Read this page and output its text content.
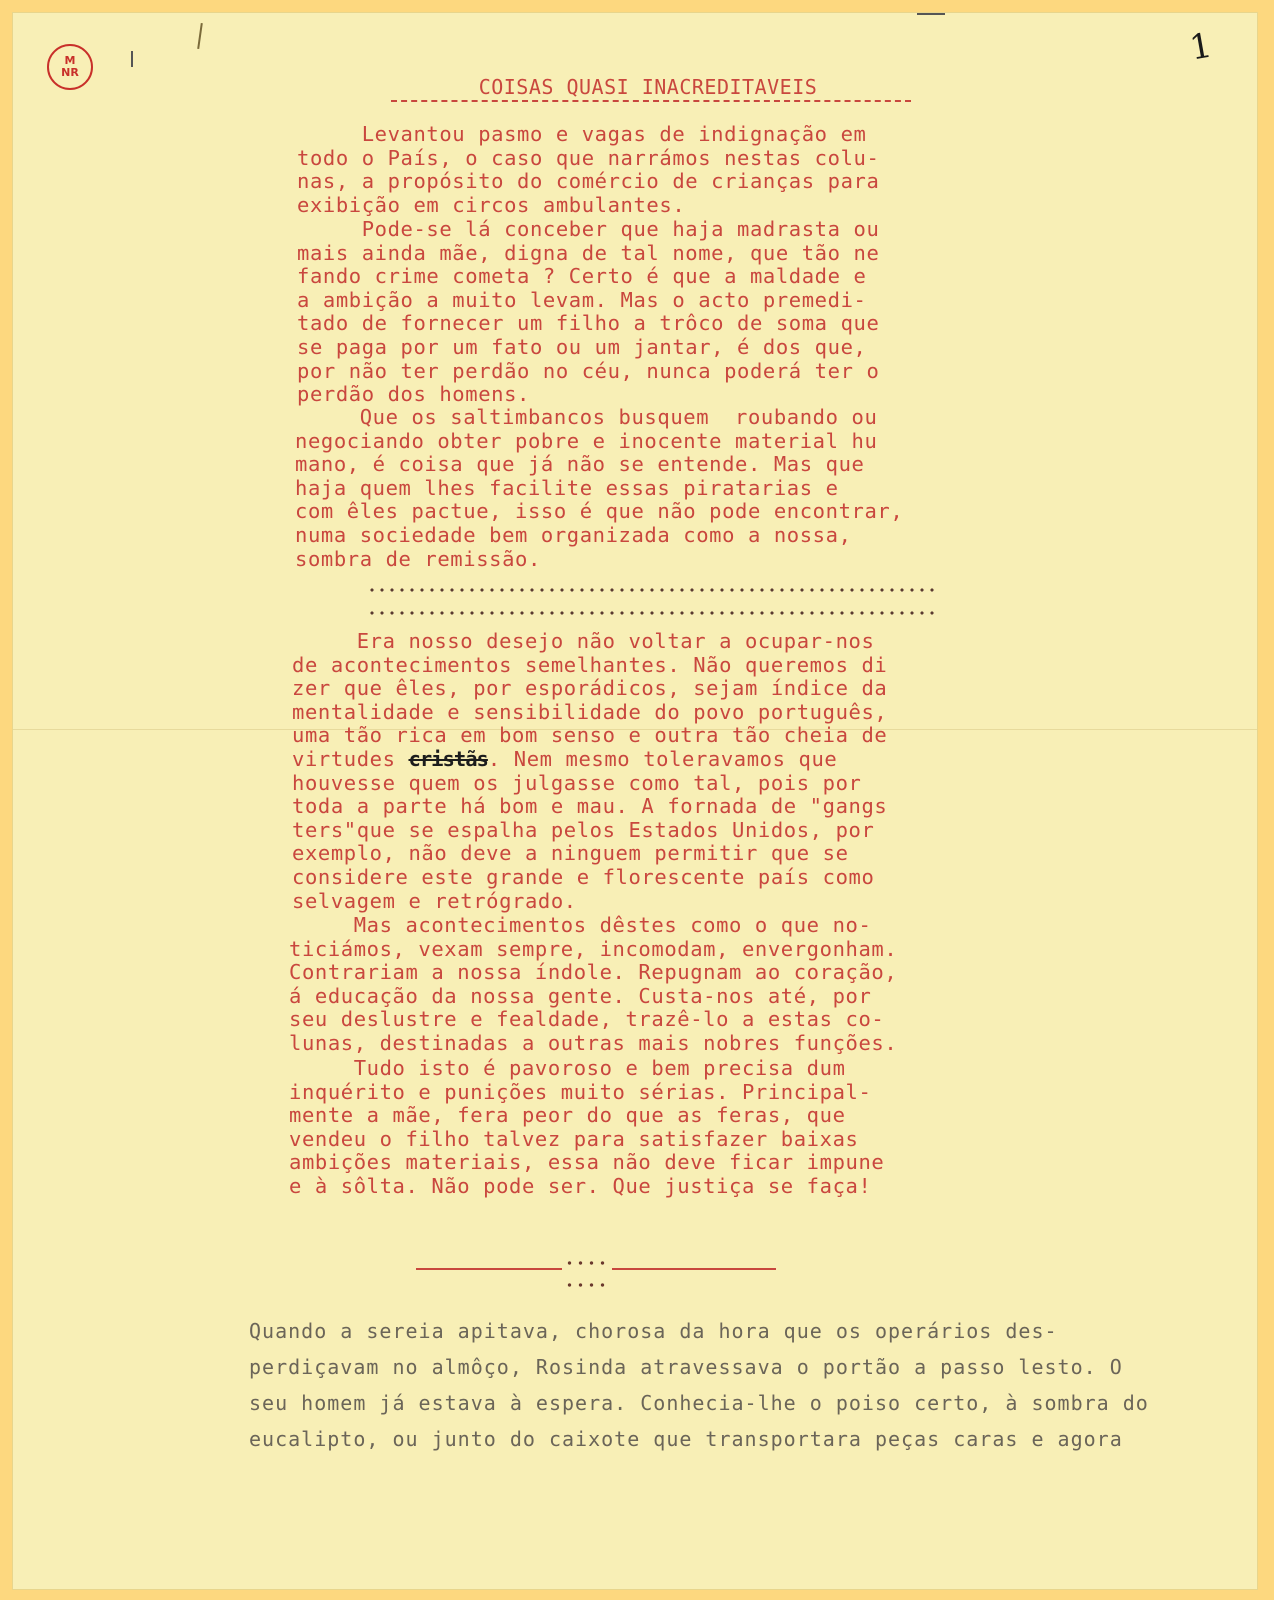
M
NR
1
COISAS QUASI INACREDITAVEIS

Levantou pasmo e vagas de indignação em
todo o País, o caso que narrámos nestas colu-
nas, a propósito do comércio de crianças para
exibição em circos ambulantes.

Pode-se lá conceber que haja madrasta ou
mais ainda mãe, digna de tal nome, que tão ne
fando crime cometa ? Certo é que a maldade e
a ambição a muito levam. Mas o acto premedi-
tado de fornecer um filho a trôco de soma que
se paga por um fato ou um jantar, é dos que,
por não ter perdão no céu, nunca poderá ter o
perdão dos homens.

Que os saltimbancos busquem  roubando ou
negociando obter pobre e inocente material hu
mano, é coisa que já não se entende. Mas que
haja quem lhes facilite essas piratarias e
com êles pactue, isso é que não pode encontrar,
numa sociedade bem organizada como a nossa,
sombra de remissão.

Era nosso desejo não voltar a ocupar-nos
de acontecimentos semelhantes. Não queremos di
zer que êles, por esporádicos, sejam índice da
mentalidade e sensibilidade do povo português,
uma tão rica em bom senso e outra tão cheia de
virtudes cristãs. Nem mesmo toleravamos que
houvesse quem os julgasse como tal, pois por
toda a parte há bom e mau. A fornada de "gangs
ters"que se espalha pelos Estados Unidos, por
exemplo, não deve a ninguem permitir que se
considere este grande e florescente país como
selvagem e retrógrado.

Mas acontecimentos dêstes como o que no-
ticiámos, vexam sempre, incomodam, envergonham.
Contrariam a nossa índole. Repugnam ao coração,
á educação da nossa gente. Custa-nos até, por
seu deslustre e fealdade, trazê-lo a estas co-
lunas, destinadas a outras mais nobres funções.

Tudo isto é pavoroso e bem precisa dum
inquérito e punições muito sérias. Principal-
mente a mãe, fera peor do que as feras, que
vendeu o filho talvez para satisfazer baixas
ambições materiais, essa não deve ficar impune
e à sôlta. Não pode ser. Que justiça se faça!

Quando a sereia apitava, chorosa da hora que os operários des-
perdiçavam no almôço, Rosinda atravessava o portão a passo lesto. O
seu homem já estava à espera. Conhecia-lhe o poiso certo, à sombra do
eucalipto, ou junto do caixote que transportara peças caras e agora
